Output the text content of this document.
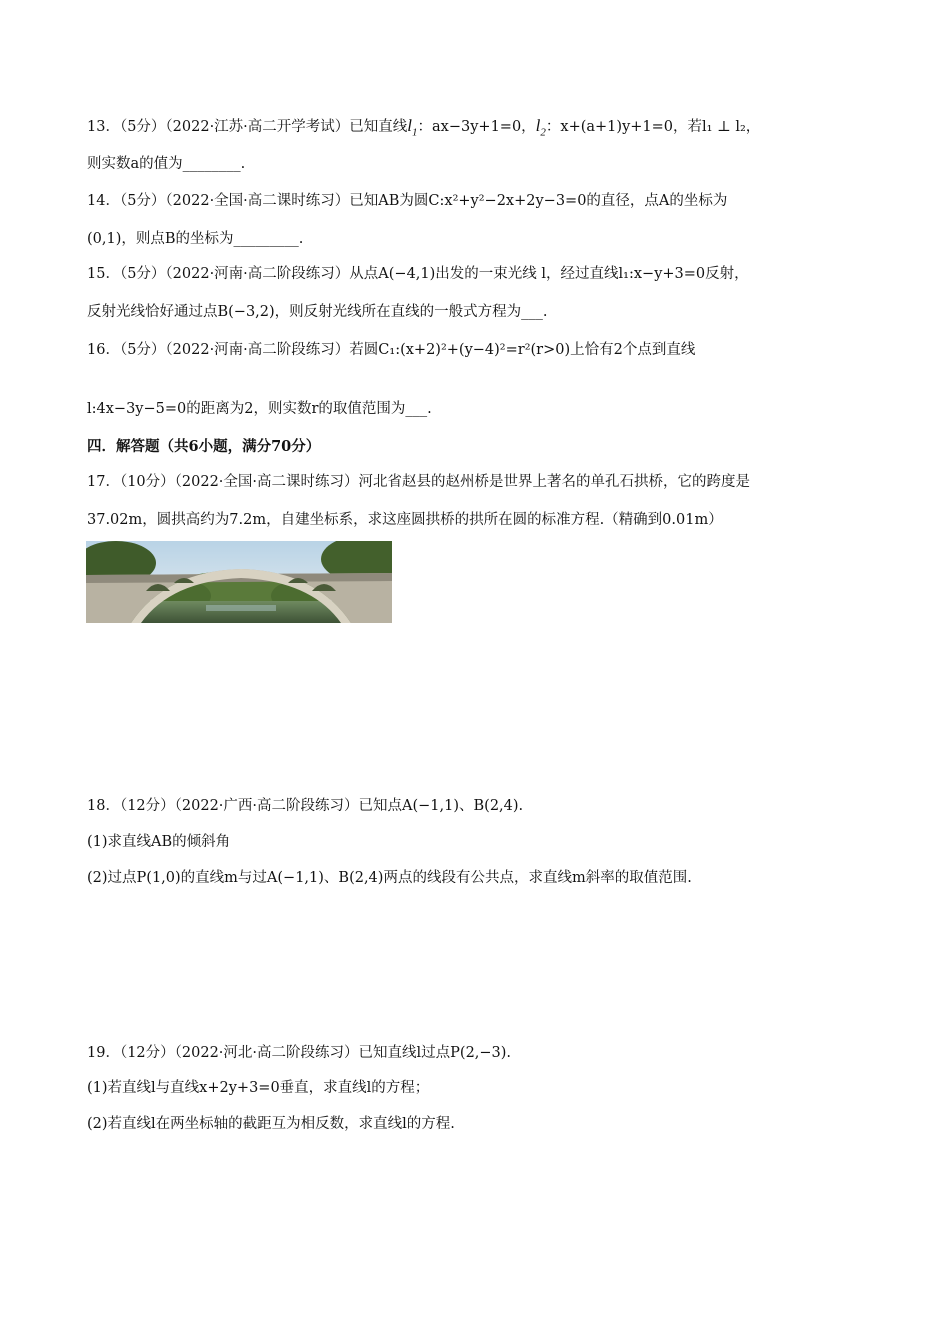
13．（5分）（2022·江苏·高二开学考试）已知直线$l_1$：ax−3y+1=0，$l_2$：x+(a+1)y+1=0，若l₁ ⊥ l₂，
则实数a的值为________.
14．（5分）（2022·全国·高二课时练习）已知AB为圆C:x²+y²−2x+2y−3=0的直径，点A的坐标为
(0,1)，则点B的坐标为_________.
15．（5分）（2022·河南·高二阶段练习）从点A(−4,1)出发的一束光线 l，经过直线l₁:x−y+3=0反射，
反射光线恰好通过点B(−3,2)，则反射光线所在直线的一般式方程为___.
16．（5分）（2022·河南·高二阶段练习）若圆C₁:(x+2)²+(y−4)²=r²(r>0)上恰有2个点到直线
l:4x−3y−5=0的距离为2，则实数r的取值范围为___.
四．解答题（共6小题，满分70分）
17．（10分）（2022·全国·高二课时练习）河北省赵县的赵州桥是世界上著名的单孔石拱桥，它的跨度是
37.02m，圆拱高约为7.2m，自建坐标系，求这座圆拱桥的拱所在圆的标准方程.（精确到0.01m）
18．（12分）（2022·广西·高二阶段练习）已知点A(−1,1)、B(2,4).
(1)求直线AB的倾斜角
(2)过点P(1,0)的直线m与过A(−1,1)、B(2,4)两点的线段有公共点，求直线m斜率的取值范围.
19．（12分）（2022·河北·高二阶段练习）已知直线l过点P(2,−3).
(1)若直线l与直线x+2y+3=0垂直，求直线l的方程；
(2)若直线l在两坐标轴的截距互为相反数，求直线l的方程.
